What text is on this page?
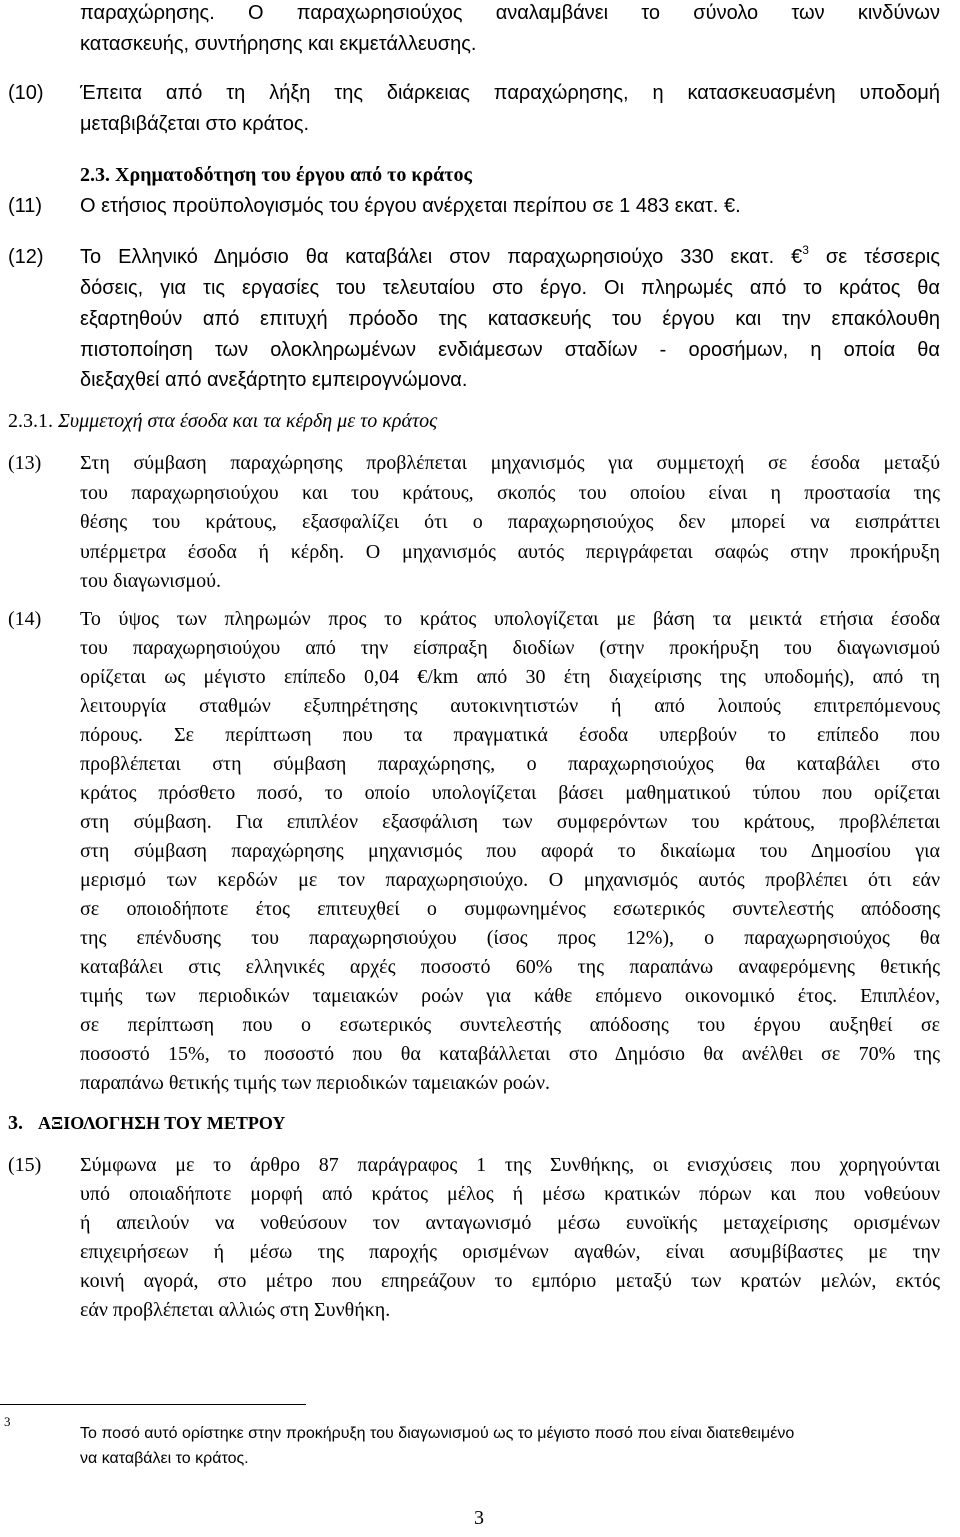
παραχώρησης. Ο παραχωρησιούχος αναλαμβάνει το σύνολο των κινδύνων
κατασκευής, συντήρησης και εκμετάλλευσης.
(10) Έπειτα από τη λήξη της διάρκειας παραχώρησης, η κατασκευασμένη υποδομή
μεταβιβάζεται στο κράτος.
2.3. Χρηματοδότηση του έργου από το κράτος
(11) Ο ετήσιος προϋπολογισμός του έργου ανέρχεται περίπου σε 1 483 εκατ. €.
(12) Το Ελληνικό Δημόσιο θα καταβάλει στον παραχωρησιούχο 330 εκατ. €$^3$ σε τέσσερις
δόσεις, για τις εργασίες του τελευταίου στο έργο. Οι πληρωμές από το κράτος θα
εξαρτηθούν από επιτυχή πρόοδο της κατασκευής του έργου και την επακόλουθη
πιστοποίηση των ολοκληρωμένων ενδιάμεσων σταδίων - οροσήμων, η οποία θα
διεξαχθεί από ανεξάρτητο εμπειρογνώμονα.
2.3.1. Συμμετοχή στα έσοδα και τα κέρδη με το κράτος
(13) Στη σύμβαση παραχώρησης προβλέπεται μηχανισμός για συμμετοχή σε έσοδα μεταξύ
του παραχωρησιούχου και του κράτους, σκοπός του οποίου είναι η προστασία της
θέσης του κράτους, εξασφαλίζει ότι ο παραχωρησιούχος δεν μπορεί να εισπράττει
υπέρμετρα έσοδα ή κέρδη. Ο μηχανισμός αυτός περιγράφεται σαφώς στην προκήρυξη
του διαγωνισμού.
(14) Το ύψος των πληρωμών προς το κράτος υπολογίζεται με βάση τα μεικτά ετήσια έσοδα
του παραχωρησιούχου από την είσπραξη διοδίων (στην προκήρυξη του διαγωνισμού
ορίζεται ως μέγιστο επίπεδο 0,04 €/km από 30 έτη διαχείρισης της υποδομής), από τη
λειτουργία σταθμών εξυπηρέτησης αυτοκινητιστών ή από λοιπούς επιτρεπόμενους
πόρους. Σε περίπτωση που τα πραγματικά έσοδα υπερβούν το επίπεδο που
προβλέπεται στη σύμβαση παραχώρησης, ο παραχωρησιούχος θα καταβάλει στο
κράτος πρόσθετο ποσό, το οποίο υπολογίζεται βάσει μαθηματικού τύπου που ορίζεται
στη σύμβαση. Για επιπλέον εξασφάλιση των συμφερόντων του κράτους, προβλέπεται
στη σύμβαση παραχώρησης μηχανισμός που αφορά το δικαίωμα του Δημοσίου για
μερισμό των κερδών με τον παραχωρησιούχο. Ο μηχανισμός αυτός προβλέπει ότι εάν
σε οποιοδήποτε έτος επιτευχθεί ο συμφωνημένος εσωτερικός συντελεστής απόδοσης
της επένδυσης του παραχωρησιούχου (ίσος προς 12%), ο παραχωρησιούχος θα
καταβάλει στις ελληνικές αρχές ποσοστό 60% της παραπάνω αναφερόμενης θετικής
τιμής των περιοδικών ταμειακών ροών για κάθε επόμενο οικονομικό έτος. Επιπλέον,
σε περίπτωση που ο εσωτερικός συντελεστής απόδοσης του έργου αυξηθεί σε
ποσοστό 15%, το ποσοστό που θα καταβάλλεται στο Δημόσιο θα ανέλθει σε 70% της
παραπάνω θετικής τιμής των περιοδικών ταμειακών ροών.
3. ΑΞΙΟΛΟΓΗΣΗ ΤΟΥ ΜΕΤΡΟΥ
(15) Σύμφωνα με το άρθρο 87 παράγραφος 1 της Συνθήκης, οι ενισχύσεις που χορηγούνται
υπό οποιαδήποτε μορφή από κράτος μέλος ή μέσω κρατικών πόρων και που νοθεύουν
ή απειλούν να νοθεύσουν τον ανταγωνισμό μέσω ευνοϊκής μεταχείρισης ορισμένων
επιχειρήσεων ή μέσω της παροχής ορισμένων αγαθών, είναι ασυμβίβαστες με την
κοινή αγορά, στο μέτρο που επηρεάζουν το εμπόριο μεταξύ των κρατών μελών, εκτός
εάν προβλέπεται αλλιώς στη Συνθήκη.
3
Το ποσό αυτό ορίστηκε στην προκήρυξη του διαγωνισμού ως το μέγιστο ποσό που είναι διατεθειμένο
να καταβάλει το κράτος.
3
